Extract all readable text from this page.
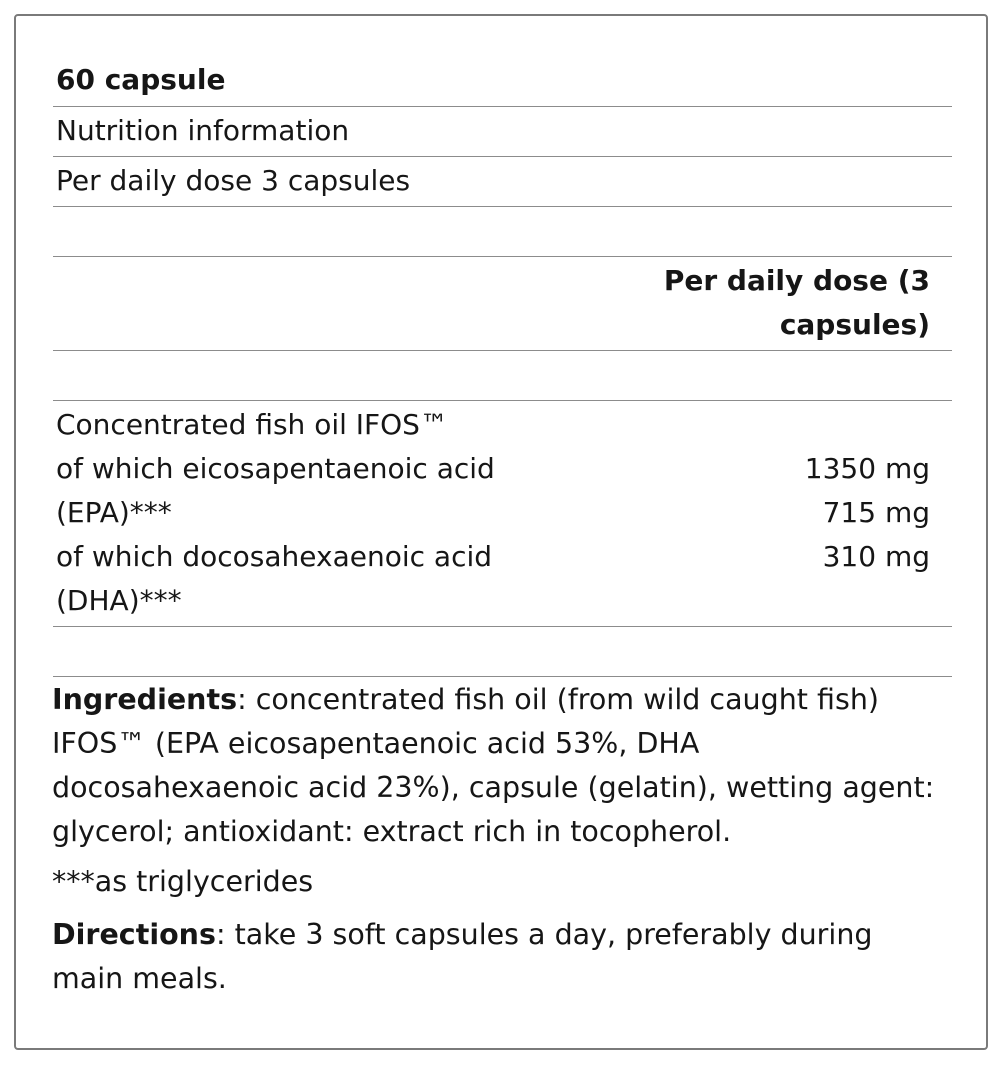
60 capsule
Nutrition information
Per daily dose 3 capsules
Per daily dose (3
capsules)
Concentrated fish oil IFOS™
of which eicosapentaenoic acid
(EPA)***
of which docosahexaenoic acid
(DHA)***
1350 mg
715 mg
310 mg
Ingredients: concentrated fish oil (from wild caught fish) IFOS™ (EPA eicosapentaenoic acid 53%, DHA docosahexaenoic acid 23%), capsule (gelatin), wetting agent: glycerol; antioxidant: extract rich in tocopherol.
***as triglycerides
Directions: take 3 soft capsules a day, preferably during main meals.
